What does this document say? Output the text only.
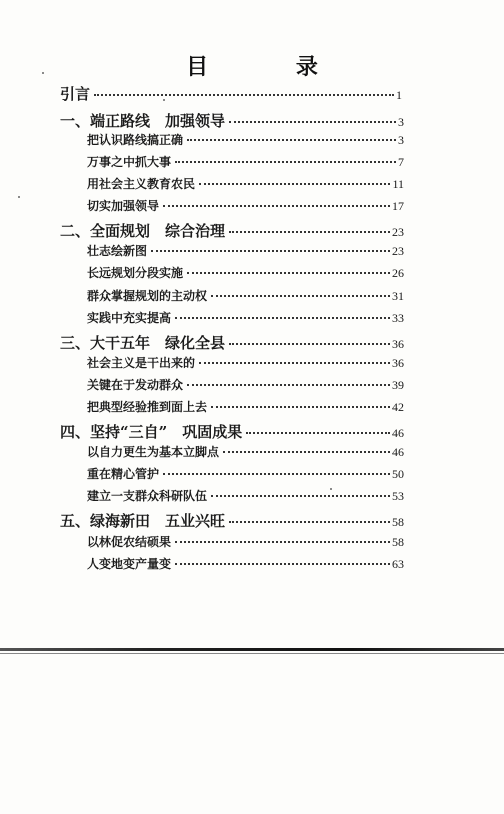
目 录
引言	1
一、端正路线　加强领导	3
把认识路线搞正确	3
万事之中抓大事	7
用社会主义教育农民	11
切实加强领导	17
二、全面规划　综合治理	23
壮志绘新图	23
长远规划分段实施	26
群众掌握规划的主动权	31
实践中充实提高	33
三、大干五年　绿化全县	36
社会主义是干出来的	36
关键在于发动群众	39
把典型经验推到面上去	42
四、坚持“三自”　巩固成果	46
以自力更生为基本立脚点	46
重在精心管护	50
建立一支群众科研队伍	53
五、绿海新田　五业兴旺	58
以林促农结硕果	58
人变地变产量变	63
